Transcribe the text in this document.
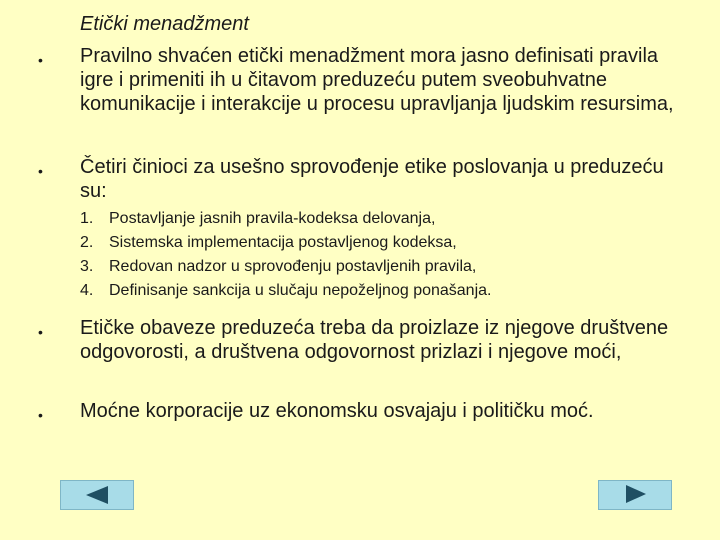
Etički menadžment
• Pravilno shvaćen etički menadžment mora jasno definisati pravila igre i primeniti ih u čitavom preduzeću putem sveobuhvatne komunikacije i interakcije u procesu upravljanja ljudskim resursima,
• Četiri činioci za usešno sprovođenje etike poslovanja u preduzeću su:
1. Postavljanje jasnih pravila-kodeksa delovanja,
2. Sistemska implementacija postavljenog kodeksa,
3. Redovan nadzor u sprovođenju postavljenih pravila,
4. Definisanje sankcija u slučaju nepoželjnog ponašanja.
• Etičke obaveze preduzeća treba da proizlaze iz njegove društvene odgovorosti, a društvena odgovornost prizlazi i njegove moći,
• Moćne korporacije uz ekonomsku osvajaju i političku moć.
